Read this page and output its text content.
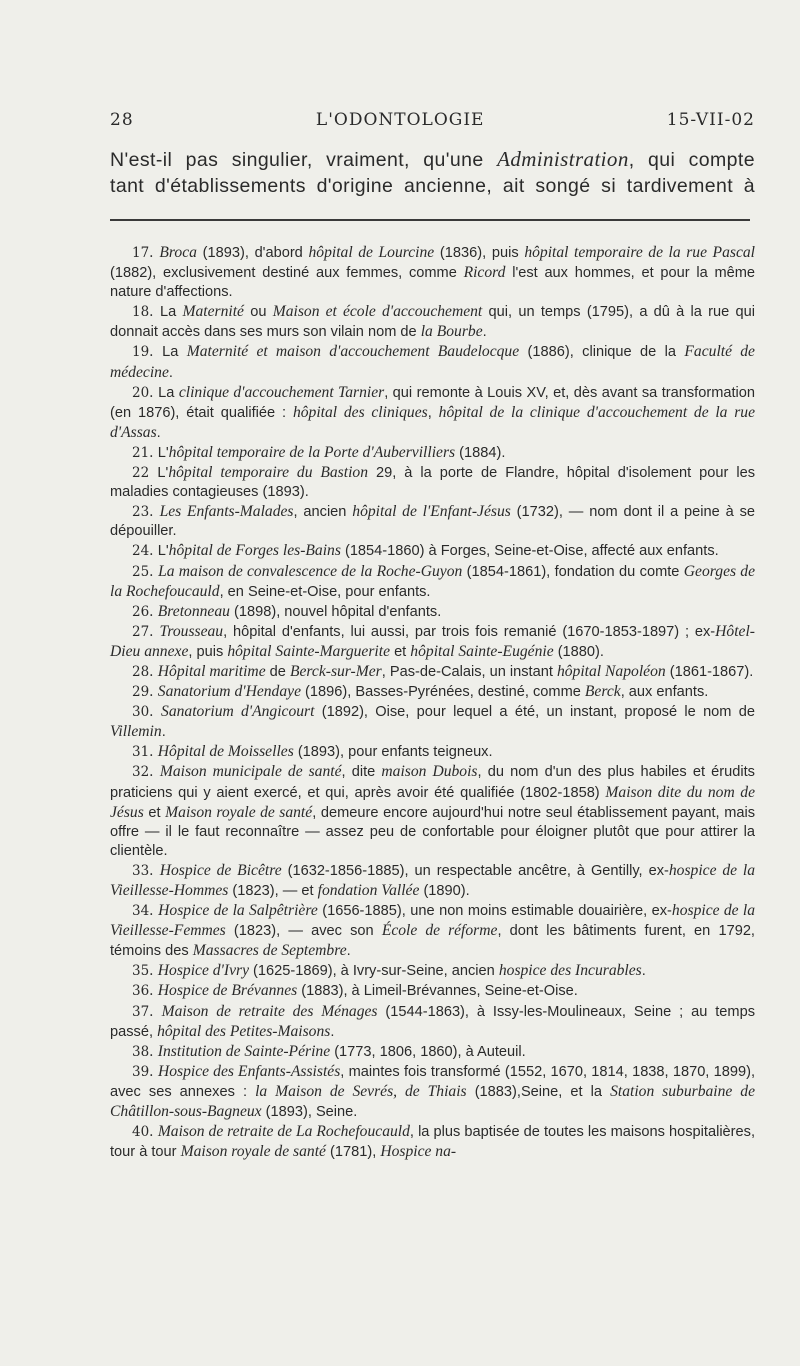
28	L'ODONTOLOGIE	15-VII-02
N'est-il pas singulier, vraiment, qu'une Administration, qui compte
tant d'établissements d'origine ancienne, ait songé si tardivement à

17. Broca (1893), d'abord hôpital de Lourcine (1836), puis hôpital temporaire de la rue Pascal (1882), exclusivement destiné aux femmes, comme Ricord l'est aux hommes, et pour la même nature d'affections.

18. La Maternité ou Maison et école d'accouchement qui, un temps (1795), a dû à la rue qui donnait accès dans ses murs son vilain nom de la Bourbe.

19. La Maternité et maison d'accouchement Baudelocque (1886), clinique de la Faculté de médecine.

20. La clinique d'accouchement Tarnier, qui remonte à Louis XV, et, dès avant sa transformation (en 1876), était qualifiée : hôpital des cliniques, hôpital de la clinique d'accouchement de la rue d'Assas.

21. L'hôpital temporaire de la Porte d'Aubervilliers (1884).

22 L'hôpital temporaire du Bastion 29, à la porte de Flandre, hôpital d'isolement pour les maladies contagieuses (1893).

23. Les Enfants-Malades, ancien hôpital de l'Enfant-Jésus (1732), — nom dont il a peine à se dépouiller.

24. L'hôpital de Forges les-Bains (1854-1860) à Forges, Seine-et-Oise, affecté aux enfants.

25. La maison de convalescence de la Roche-Guyon (1854-1861), fondation du comte Georges de la Rochefoucauld, en Seine-et-Oise, pour enfants.

26. Bretonneau (1898), nouvel hôpital d'enfants.

27. Trousseau, hôpital d'enfants, lui aussi, par trois fois remanié (1670-1853-1897) ; ex-Hôtel-Dieu annexe, puis hôpital Sainte-Marguerite et hôpital Sainte-Eugénie (1880).

28. Hôpital maritime de Berck-sur-Mer, Pas-de-Calais, un instant hôpital Napoléon (1861-1867).

29. Sanatorium d'Hendaye (1896), Basses-Pyrénées, destiné, comme Berck, aux enfants.

30. Sanatorium d'Angicourt (1892), Oise, pour lequel a été, un instant, proposé le nom de Villemin.

31. Hôpital de Moisselles (1893), pour enfants teigneux.

32. Maison municipale de santé, dite maison Dubois, du nom d'un des plus habiles et érudits praticiens qui y aient exercé, et qui, après avoir été qualifiée (1802-1858) Maison dite du nom de Jésus et Maison royale de santé, demeure encore aujourd'hui notre seul établissement payant, mais offre — il le faut reconnaître — assez peu de confortable pour éloigner plutôt que pour attirer la clientèle.

33. Hospice de Bicêtre (1632-1856-1885), un respectable ancêtre, à Gentilly, ex-hospice de la Vieillesse-Hommes (1823), — et fondation Vallée (1890).

34. Hospice de la Salpêtrière (1656-1885), une non moins estimable douairière, ex-hospice de la Vieillesse-Femmes (1823), — avec son École de réforme, dont les bâtiments furent, en 1792, témoins des Massacres de Septembre.

35. Hospice d'Ivry (1625-1869), à Ivry-sur-Seine, ancien hospice des Incurables.

36. Hospice de Brévannes (1883), à Limeil-Brévannes, Seine-et-Oise.

37. Maison de retraite des Ménages (1544-1863), à Issy-les-Moulineaux, Seine ; au temps passé, hôpital des Petites-Maisons.

38. Institution de Sainte-Périne (1773, 1806, 1860), à Auteuil.

39. Hospice des Enfants-Assistés, maintes fois transformé (1552, 1670, 1814, 1838, 1870, 1899), avec ses annexes : la Maison de Sevrés, de Thiais (1883),Seine, et la Station suburbaine de Châtillon-sous-Bagneux (1893), Seine.

40. Maison de retraite de La Rochefoucauld, la plus baptisée de toutes les maisons hospitalières, tour à tour Maison royale de santé (1781), Hospice na-
